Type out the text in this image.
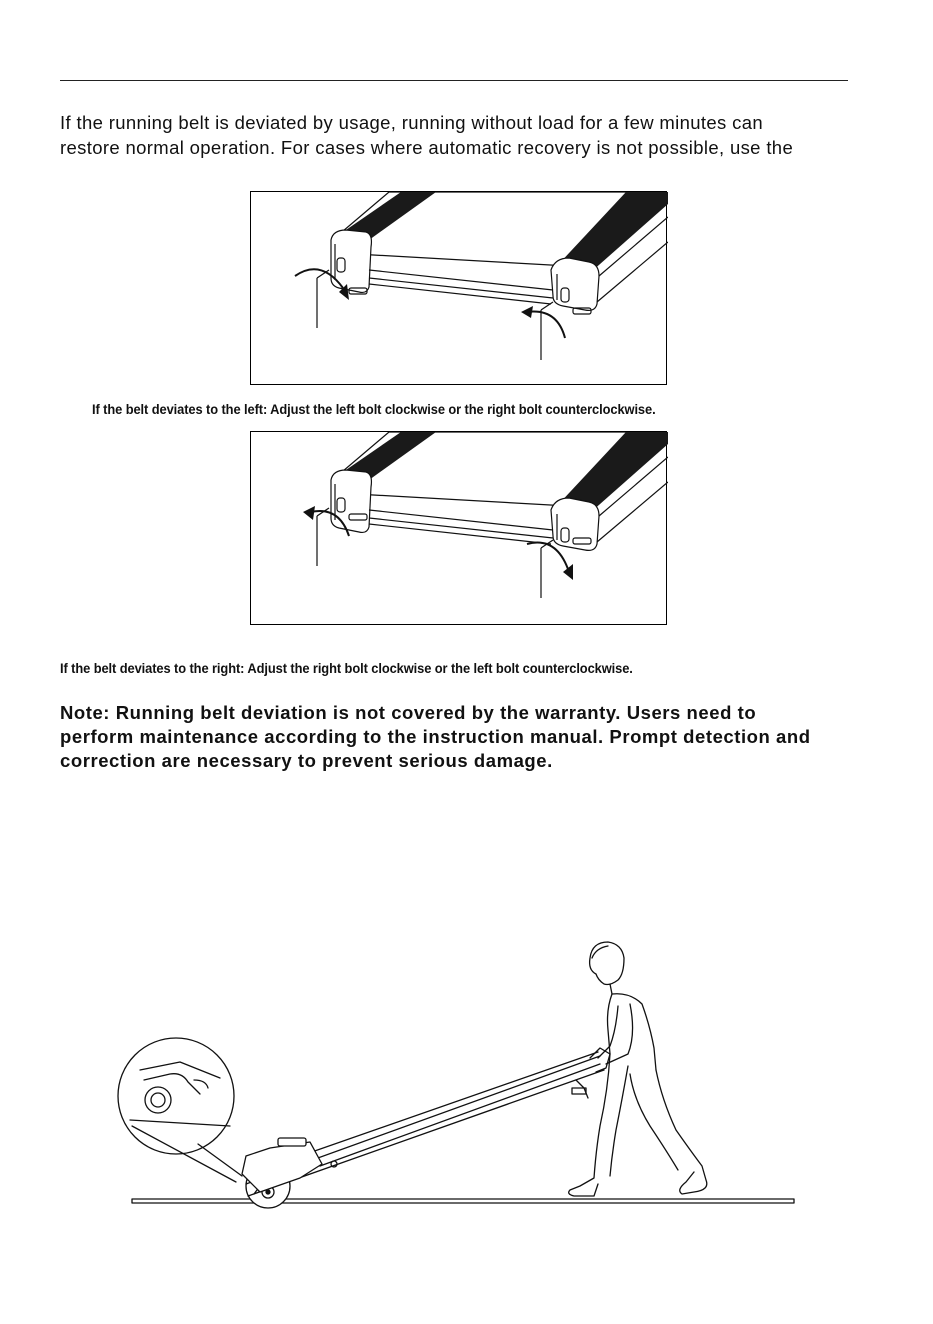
If the running belt is deviated by usage, running without load for a few minutes can
restore normal operation. For cases where automatic recovery is not possible, use the
If the belt deviates to the left: Adjust the left bolt clockwise or the right bolt counterclockwise.
If the belt deviates to the right: Adjust the right bolt clockwise or the left bolt counterclockwise.
Note: Running belt deviation is not covered by the warranty. Users need to
perform maintenance according to the instruction manual. Prompt detection and
correction are necessary to prevent serious damage.
